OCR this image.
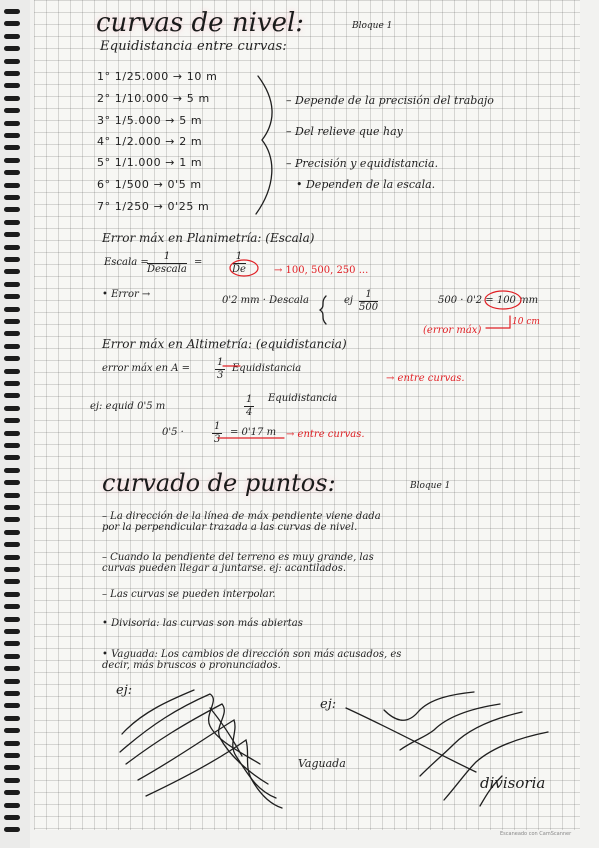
curvas de nivel:	Bloque 1
Equidistancia entre curvas:
1° 1/25.000 → 10 m
2° 1/10.000 → 5 m
3° 1/5.000 → 5 m
4° 1/2.000 → 2 m
5° 1/1.000 → 1 m
6° 1/500 → 0'5 m
7° 1/250 → 0'25 m
– Depende de la precisión del trabajo
– Del relieve que hay
– Precisión y equidistancia.
• Dependen de la escala.
Error máx en Planimetría: (Escala)
Escala =
1
Descala
=	$\frac{1}{De}$	→ 100, 500, 250 ...
• Error →
0'2 mm · Descala	ej $\frac{1}{500}$	500 · 0'2 = 100 mm
(error máx)
10 cm
Error máx en Altimetría: (equidistancia)
error máx en $A = \frac{1}{3}$ Equidistancia
→ entre curvas.
ej: equid 0'5 m	$\frac{1}{4}$ Equidistancia
0'5 ·	$\frac{1}{3} = 0'17$ m → entre curvas.
curvado de puntos:	Bloque 1
– La dirección de la línea de máx pendiente viene dada
por la perpendicular trazada a las curvas de nivel.
– Cuando la pendiente del terreno es muy grande, las
curvas pueden llegar a juntarse. ej: acantilados.
– Las curvas se pueden interpolar.
• Divisoria: las curvas son más abiertas
• Vaguada: Los cambios de dirección son más acusados, es
decir, más bruscos o pronunciados.
ej:
ej:
Vaguada
divisoria
Escaneado con CamScanner
